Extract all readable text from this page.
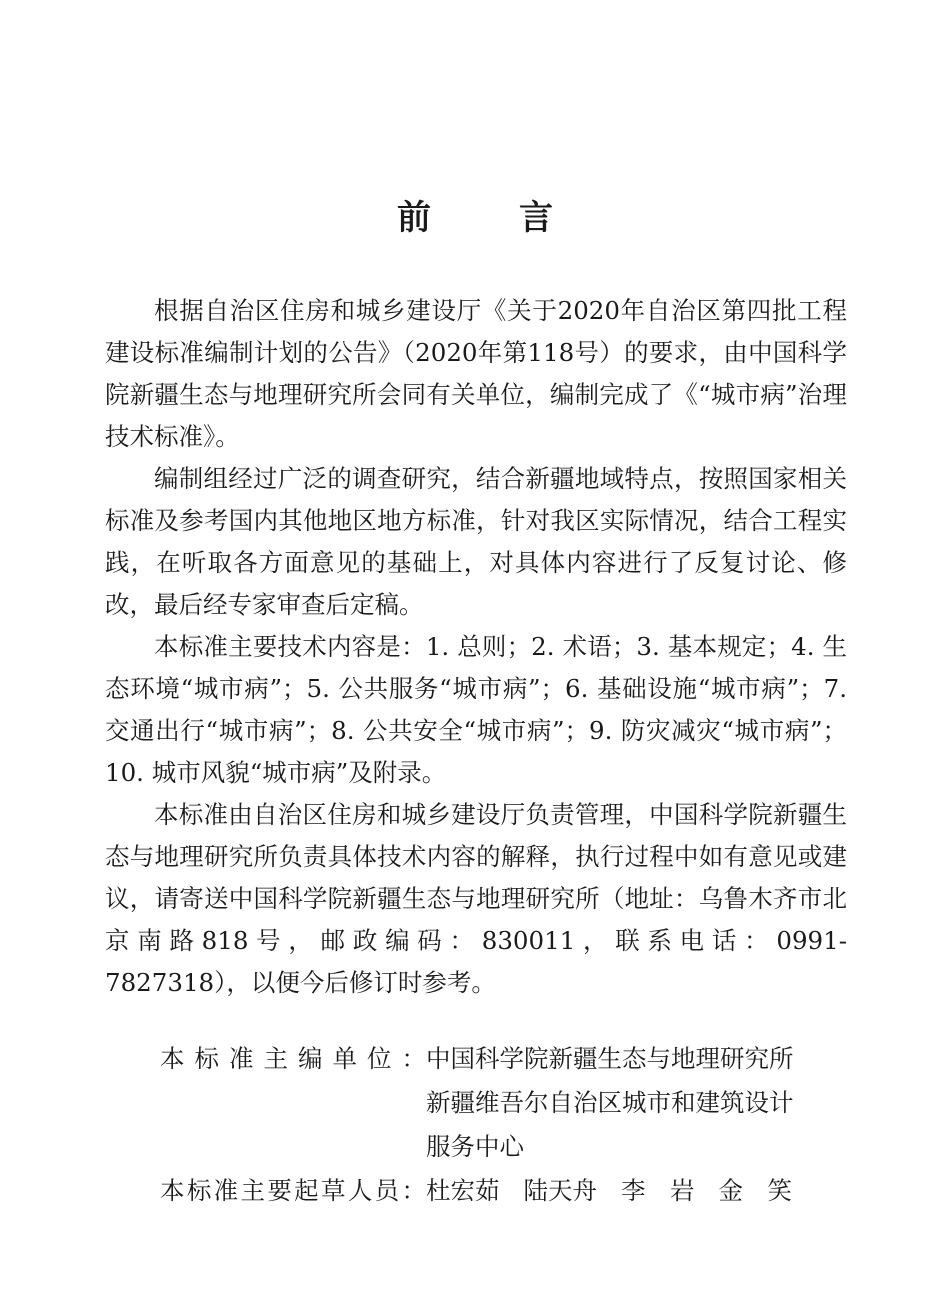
前	言

根据自治区住房和城乡建设厅《关于2020年自治区第四批工程建设标准编制计划的公告》（2020年第118号）的要求，由中国科学院新疆生态与地理研究所会同有关单位，编制完成了《“城市病”治理技术标准》。

编制组经过广泛的调查研究，结合新疆地域特点，按照国家相关标准及参考国内其他地区地方标准，针对我区实际情况，结合工程实践，在听取各方面意见的基础上，对具体内容进行了反复讨论、修改，最后经专家审查后定稿。

本标准主要技术内容是：1. 总则；2. 术语；3. 基本规定；4. 生态环境“城市病”；5. 公共服务“城市病”；6. 基础设施“城市病”；7. 交通出行“城市病”；8. 公共安全“城市病”；9. 防灾减灾“城市病”；10. 城市风貌“城市病”及附录。

本标准由自治区住房和城乡建设厅负责管理，中国科学院新疆生态与地理研究所负责具体技术内容的解释，执行过程中如有意见或建议，请寄送中国科学院新疆生态与地理研究所（地址：乌鲁木齐市北京南路818号，邮政编码：830011，联系电话：0991-7827318），以便今后修订时参考。

本标准主编单位： 中国科学院新疆生态与地理研究所
新疆维吾尔自治区城市和建筑设计
服务中心
本标准主要起草人员： 杜宏茹 陆天舟 李　岩 金　笑
